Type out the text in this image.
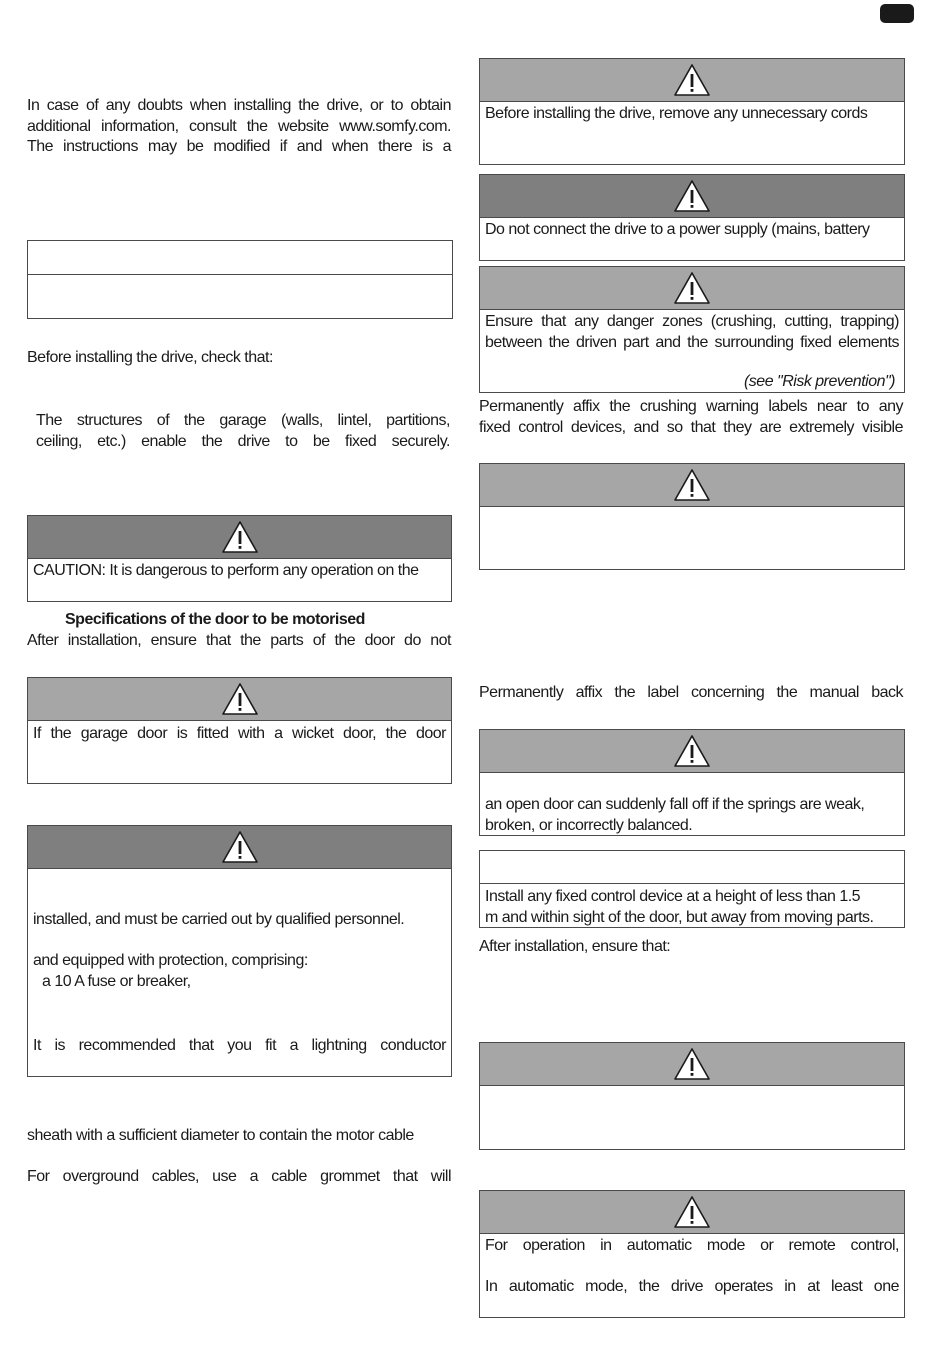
In case of any doubts when installing the drive, or to obtain
additional information, consult the website www.somfy.com.
The instructions may be modified if and when there is a
Before installing the drive, check that:
The structures of the garage (walls, lintel, partitions,
ceiling, etc.) enable the drive to be fixed securely.
CAUTION: It is dangerous to perform any operation on the
Specifications of the door to be motorised
After installation, ensure that the parts of the door do not
If the garage door is fitted with a wicket door, the door
installed, and must be carried out by qualified personnel.
and equipped with protection, comprising:
a 10 A fuse or breaker,
It is recommended that you fit a lightning conductor
sheath with a sufficient diameter to contain the motor cable
For overground cables, use a cable grommet that will
Before installing the drive, remove any unnecessary cords
Do not connect the drive to a power supply (mains, battery
Ensure that any danger zones (crushing, cutting, trapping)
between the driven part and the surrounding fixed elements
(see "Risk prevention")
Permanently affix the crushing warning labels near to any
fixed control devices, and so that they are extremely visible
Permanently affix the label concerning the manual back
an open door can suddenly fall off if the springs are weak,
broken, or incorrectly balanced.
Install any fixed control device at a height of less than 1.5
m and within sight of the door, but away from moving parts.
After installation, ensure that:
For operation in automatic mode or remote control,
In automatic mode, the drive operates in at least one
